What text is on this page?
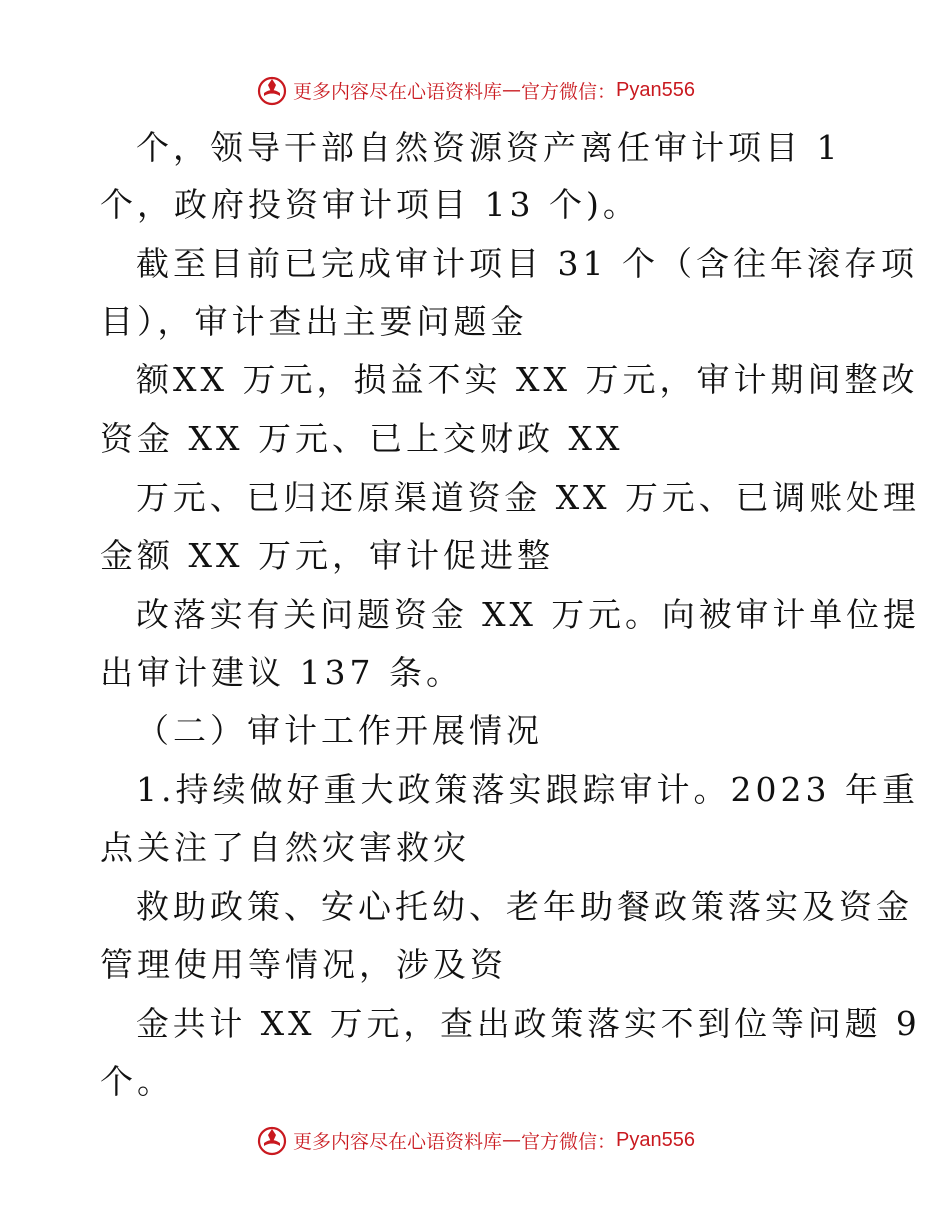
更多内容尽在心语资料库 — 官方微信： Pyan556
个，领导干部自然资源资产离任审计项目 1
个，政府投资审计项目 13 个)。
截至目前已完成审计项目 31 个（含往年滚存项
目），审计查出主要问题金
额XX 万元，损益不实 XX 万元，审计期间整改
资金 XX 万元、已上交财政 XX
万元、已归还原渠道资金 XX 万元、已调账处理
金额 XX 万元，审计促进整
改落实有关问题资金 XX 万元。向被审计单位提
出审计建议 137 条。
（二）审计工作开展情况
1.持续做好重大政策落实跟踪审计。2023 年重
点关注了自然灾害救灾
救助政策、安心托幼、老年助餐政策落实及资金
管理使用等情况，涉及资
金共计 XX 万元，查出政策落实不到位等问题 9
个。
更多内容尽在心语资料库 — 官方微信： Pyan556
